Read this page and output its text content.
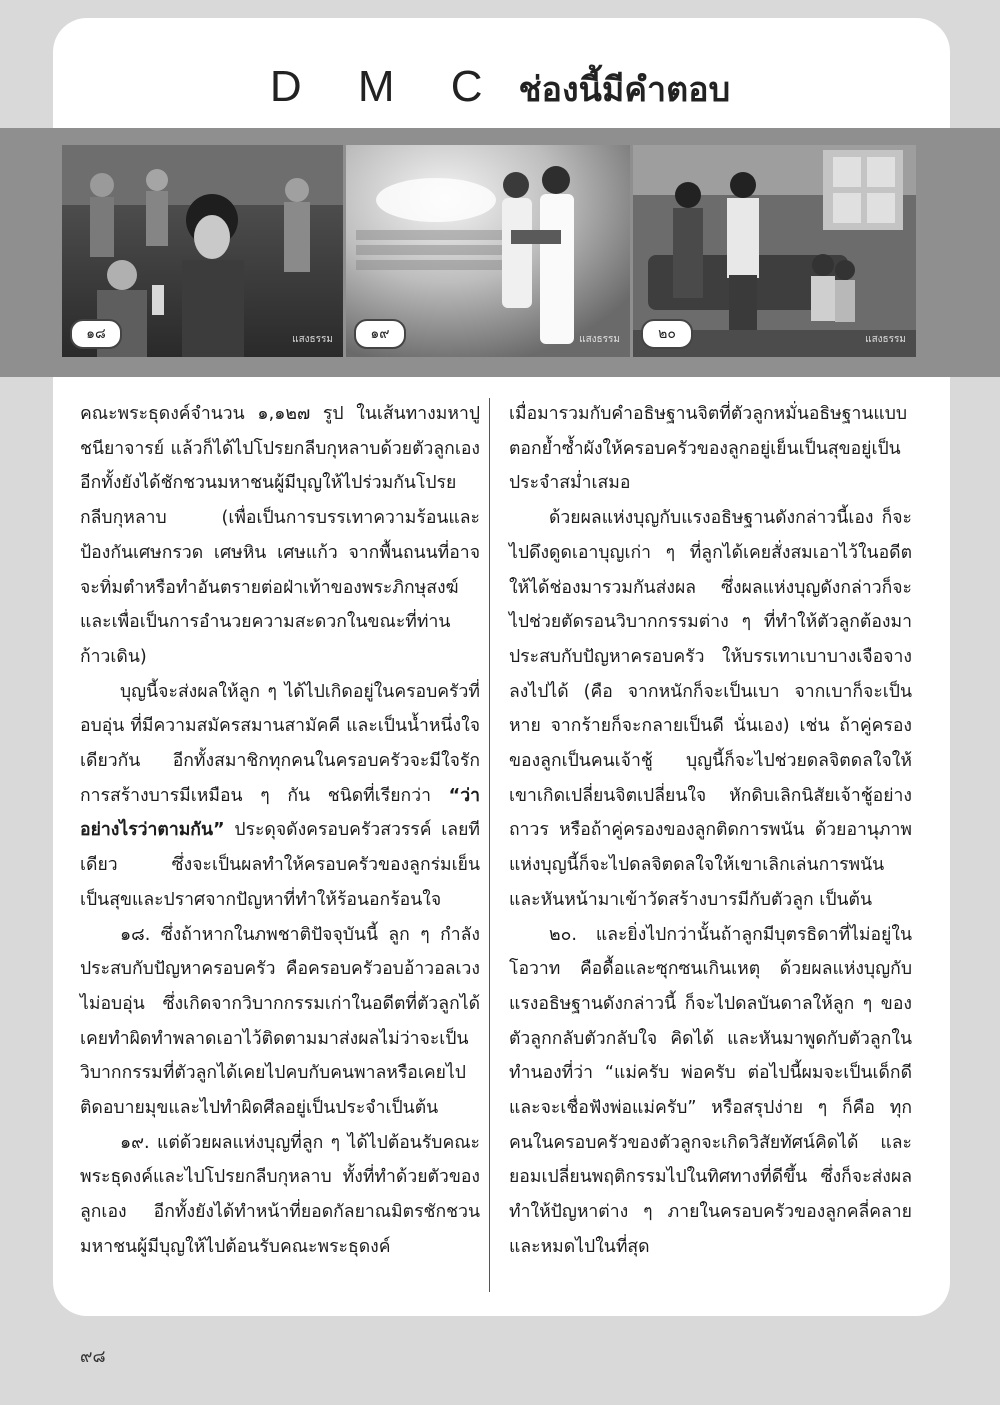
D M C ช่องนี้มีคำตอบ
๑๘	แสงธรรม	๑๙	แสงธรรม	๒๐	แสงธรรม

คณะพระธุดงค์จำนวน ๑,๑๒๗ รูป ในเส้นทางมหาปูชนียาจารย์ แล้วก็ได้ไปโปรยกลีบกุหลาบด้วยตัวลูกเอง อีกทั้งยังได้ชักชวนมหาชนผู้มีบุญให้ไปร่วมกันโปรยกลีบกุหลาบ (เพื่อเป็นการบรรเทาความร้อนและป้องกันเศษกรวด เศษหิน เศษแก้ว จากพื้นถนนที่อาจจะทิ่มตำหรือทำอันตรายต่อฝ่าเท้าของพระภิกษุสงฆ์ และเพื่อเป็นการอำนวยความสะดวกในขณะที่ท่านก้าวเดิน)

บุญนี้จะส่งผลให้ลูก ๆ ได้ไปเกิดอยู่ในครอบครัวที่อบอุ่น ที่มีความสมัครสมานสามัคคี และเป็นน้ำหนึ่งใจเดียวกัน อีกทั้งสมาชิกทุกคนในครอบครัวจะมีใจรักการสร้างบารมีเหมือน ๆ กัน ชนิดที่เรียกว่า “ว่าอย่างไรว่าตามกัน” ประดุจดังครอบครัวสวรรค์ เลยทีเดียว ซึ่งจะเป็นผลทำให้ครอบครัวของลูกร่มเย็นเป็นสุขและปราศจากปัญหาที่ทำให้ร้อนอกร้อนใจ

๑๘. ซึ่งถ้าหากในภพชาติปัจจุบันนี้ ลูก ๆ กำลังประสบกับปัญหาครอบครัว คือครอบครัวอบอ้าวอลเวง ไม่อบอุ่น ซึ่งเกิดจากวิบากกรรมเก่าในอดีตที่ตัวลูกได้เคยทำผิดทำพลาดเอาไว้ติดตามมาส่งผลไม่ว่าจะเป็นวิบากกรรมที่ตัวลูกได้เคยไปคบกับคนพาลหรือเคยไปติดอบายมุขและไปทำผิดศีลอยู่เป็นประจำเป็นต้น

๑๙. แต่ด้วยผลแห่งบุญที่ลูก ๆ ได้ไปต้อนรับคณะพระธุดงค์และไปโปรยกลีบกุหลาบ ทั้งที่ทำด้วยตัวของลูกเอง อีกทั้งยังได้ทำหน้าที่ยอดกัลยาณมิตรชักชวนมหาชนผู้มีบุญให้ไปต้อนรับคณะพระธุดงค์

เมื่อมารวมกับคำอธิษฐานจิตที่ตัวลูกหมั่นอธิษฐานแบบตอกย้ำซ้ำผังให้ครอบครัวของลูกอยู่เย็นเป็นสุขอยู่เป็นประจำสม่ำเสมอ

ด้วยผลแห่งบุญกับแรงอธิษฐานดังกล่าวนี้เอง ก็จะไปดึงดูดเอาบุญเก่า ๆ ที่ลูกได้เคยสั่งสมเอาไว้ในอดีต ให้ได้ช่องมารวมกันส่งผล ซึ่งผลแห่งบุญดังกล่าวก็จะไปช่วยตัดรอนวิบากกรรมต่าง ๆ ที่ทำให้ตัวลูกต้องมาประสบกับปัญหาครอบครัว ให้บรรเทาเบาบางเจือจางลงไปได้ (คือ จากหนักก็จะเป็นเบา จากเบาก็จะเป็นหาย จากร้ายก็จะกลายเป็นดี นั่นเอง) เช่น ถ้าคู่ครองของลูกเป็นคนเจ้าชู้ บุญนี้ก็จะไปช่วยดลจิตดลใจให้เขาเกิดเปลี่ยนจิตเปลี่ยนใจ หักดิบเลิกนิสัยเจ้าชู้อย่างถาวร หรือถ้าคู่ครองของลูกติดการพนัน ด้วยอานุภาพแห่งบุญนี้ก็จะไปดลจิตดลใจให้เขาเลิกเล่นการพนัน และหันหน้ามาเข้าวัดสร้างบารมีกับตัวลูก เป็นต้น

๒๐. และยิ่งไปกว่านั้นถ้าลูกมีบุตรธิดาที่ไม่อยู่ในโอวาท คือดื้อและซุกซนเกินเหตุ ด้วยผลแห่งบุญกับแรงอธิษฐานดังกล่าวนี้ ก็จะไปดลบันดาลให้ลูก ๆ ของตัวลูกกลับตัวกลับใจ คิดได้ และหันมาพูดกับตัวลูกในทำนองที่ว่า “แม่ครับ พ่อครับ ต่อไปนี้ผมจะเป็นเด็กดีและจะเชื่อฟังพ่อแม่ครับ” หรือสรุปง่าย ๆ ก็คือ ทุกคนในครอบครัวของตัวลูกจะเกิดวิสัยทัศน์คิดได้ และยอมเปลี่ยนพฤติกรรมไปในทิศทางที่ดีขึ้น ซึ่งก็จะส่งผลทำให้ปัญหาต่าง ๆ ภายในครอบครัวของลูกคลี่คลายและหมดไปในที่สุด

๙๘
